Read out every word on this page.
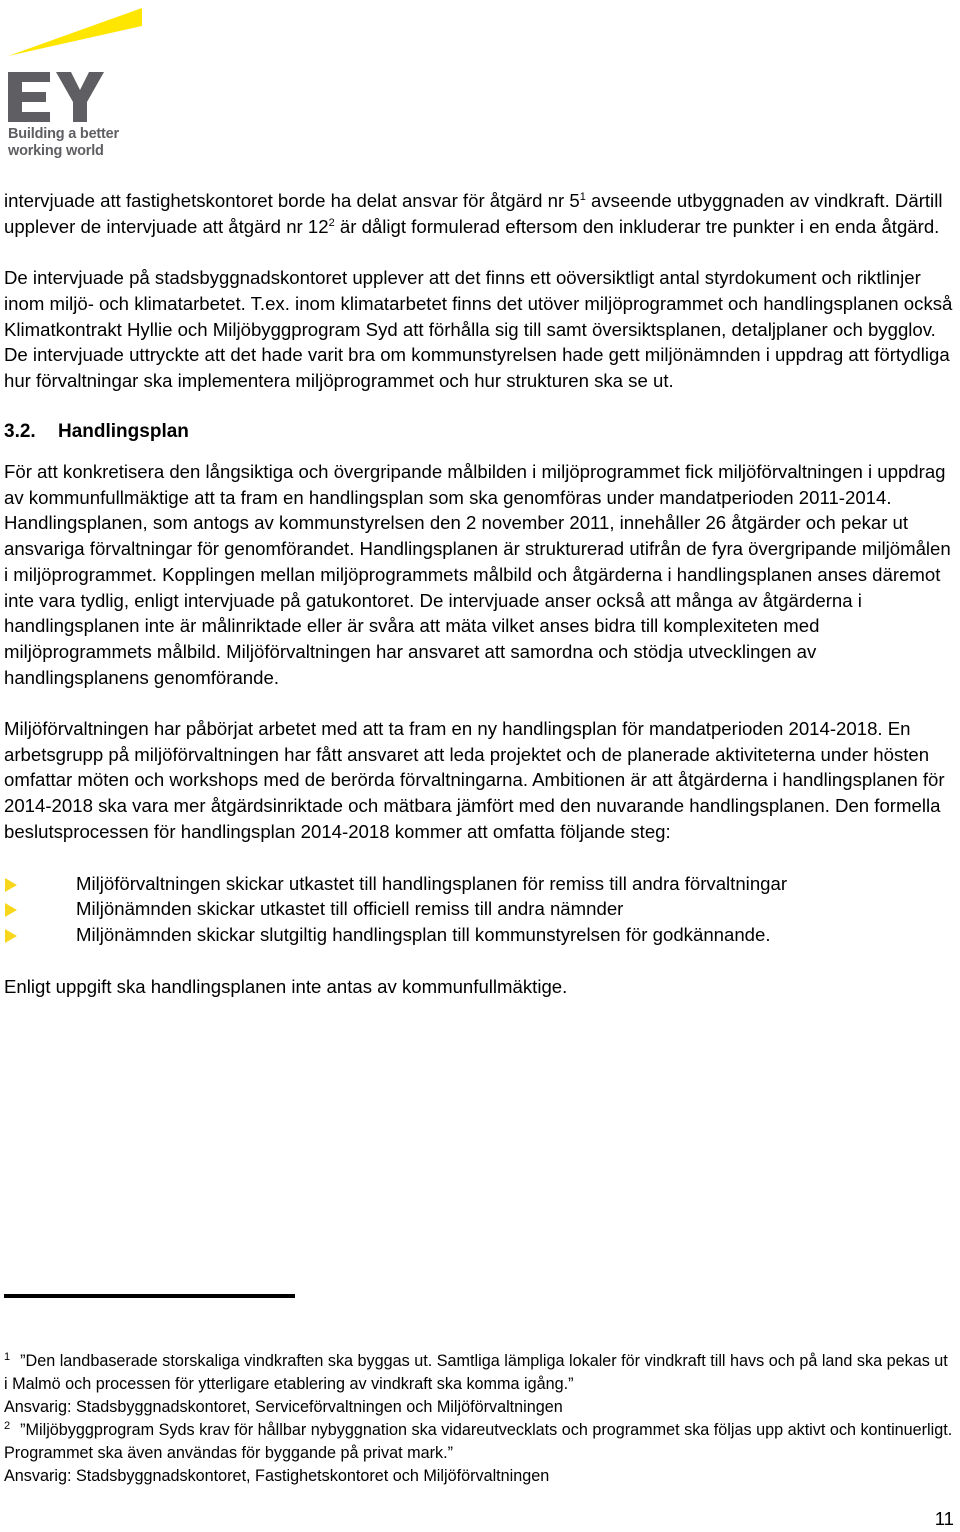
Building a better
working world

intervjuade att fastighetskontoret borde ha delat ansvar för åtgärd nr $5^1$ avseende utbyggnaden av vindkraft. Därtill upplever de intervjuade att åtgärd nr $12^2$ är dåligt formulerad eftersom den inkluderar tre punkter i en enda åtgärd.

De intervjuade på stadsbyggnadskontoret upplever att det finns ett oöversiktligt antal styrdokument och riktlinjer inom miljö- och klimatarbetet. T.ex. inom klimatarbetet finns det utöver miljöprogrammet och handlingsplanen också Klimatkontrakt Hyllie och Miljöbyggprogram Syd att förhålla sig till samt översiktsplanen, detaljplaner och bygglov. De intervjuade uttryckte att det hade varit bra om kommunstyrelsen hade gett miljönämnden i uppdrag att förtydliga hur förvaltningar ska implementera miljöprogrammet och hur strukturen ska se ut.

3.2. Handlingsplan

För att konkretisera den långsiktiga och övergripande målbilden i miljöprogrammet fick miljöförvaltningen i uppdrag av kommunfullmäktige att ta fram en handlingsplan som ska genomföras under mandatperioden 2011-2014. Handlingsplanen, som antogs av kommunstyrelsen den 2 november 2011, innehåller 26 åtgärder och pekar ut ansvariga förvaltningar för genomförandet. Handlingsplanen är strukturerad utifrån de fyra övergripande miljömålen i miljöprogrammet. Kopplingen mellan miljöprogrammets målbild och åtgärderna i handlingsplanen anses däremot inte vara tydlig, enligt intervjuade på gatukontoret. De intervjuade anser också att många av åtgärderna i handlingsplanen inte är målinriktade eller är svåra att mäta vilket anses bidra till komplexiteten med miljöprogrammets målbild. Miljöförvaltningen har ansvaret att samordna och stödja utvecklingen av handlingsplanens genomförande.

Miljöförvaltningen har påbörjat arbetet med att ta fram en ny handlingsplan för mandatperioden 2014-2018. En arbetsgrupp på miljöförvaltningen har fått ansvaret att leda projektet och de planerade aktiviteterna under hösten omfattar möten och workshops med de berörda förvaltningarna. Ambitionen är att åtgärderna i handlingsplanen för 2014-2018 ska vara mer åtgärdsinriktade och mätbara jämfört med den nuvarande handlingsplanen. Den formella beslutsprocessen för handlingsplan 2014-2018 kommer att omfatta följande steg:

Miljöförvaltningen skickar utkastet till handlingsplanen för remiss till andra förvaltningar
Miljönämnden skickar utkastet till officiell remiss till andra nämnder
Miljönämnden skickar slutgiltig handlingsplan till kommunstyrelsen för godkännande.

Enligt uppgift ska handlingsplanen inte antas av kommunfullmäktige.

$^1$ ”Den landbaserade storskaliga vindkraften ska byggas ut. Samtliga lämpliga lokaler för vindkraft till havs och på land ska pekas ut i Malmö och processen för ytterligare etablering av vindkraft ska komma igång.”
Ansvarig: Stadsbyggnadskontoret, Serviceförvaltningen och Miljöförvaltningen
$^2$ ”Miljöbyggprogram Syds krav för hållbar nybyggnation ska vidareutvecklats och programmet ska följas upp aktivt och kontinuerligt. Programmet ska även användas för byggande på privat mark.”
Ansvarig: Stadsbyggnadskontoret, Fastighetskontoret och Miljöförvaltningen
11
